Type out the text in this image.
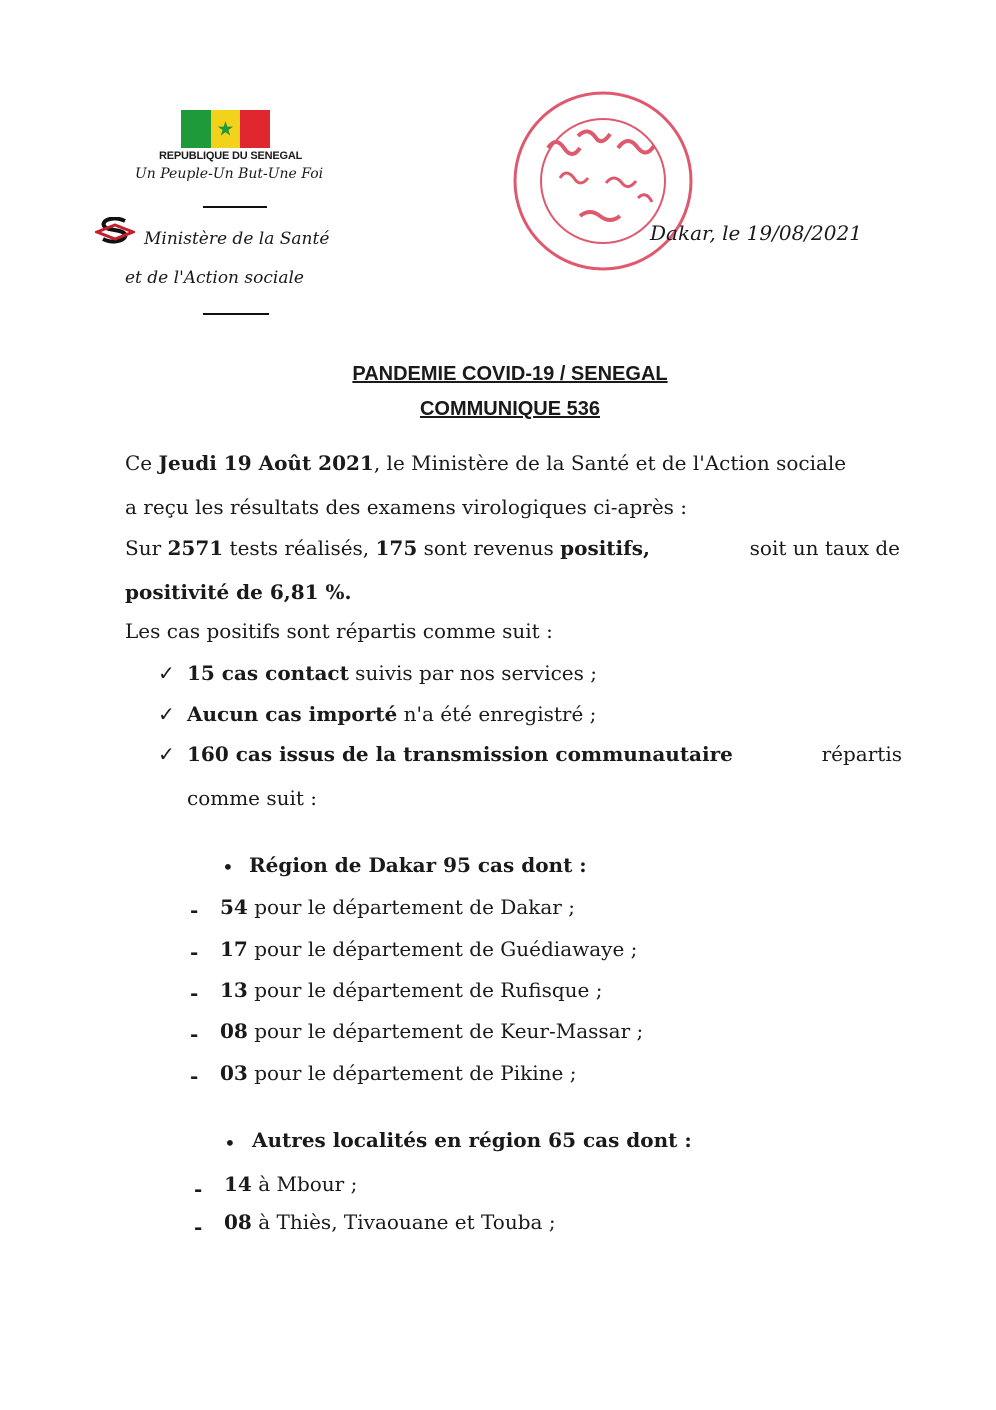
★
REPUBLIQUE DU SENEGAL
Un Peuple-Un But-Une Foi
Ministère de la Santé
et de l'Action sociale
Dakar, le 19/08/2021
PANDEMIE COVID-19 / SENEGAL
COMMUNIQUE 536
Ce Jeudi 19 Août 2021, le Ministère de la Santé et de l'Action sociale
a reçu les résultats des examens virologiques ci-après :
Sur 2571 tests réalisés, 175 sont revenus positifs,	soit un taux de
positivité de 6,81 %.
Les cas positifs sont répartis comme suit :
✓ 15 cas contact suivis par nos services ;
✓ Aucun cas importé n'a été enregistré ;
✓ 160 cas issus de la transmission communautaire	répartis
comme suit :
• Région de Dakar 95 cas dont :
- 54 pour le département de Dakar ;
- 17 pour le département de Guédiawaye ;
- 13 pour le département de Rufisque ;
- 08 pour le département de Keur-Massar ;
- 03 pour le département de Pikine ;
• Autres localités en région 65 cas dont :
- 14 à Mbour ;
- 08 à Thiès, Tivaouane et Touba ;
